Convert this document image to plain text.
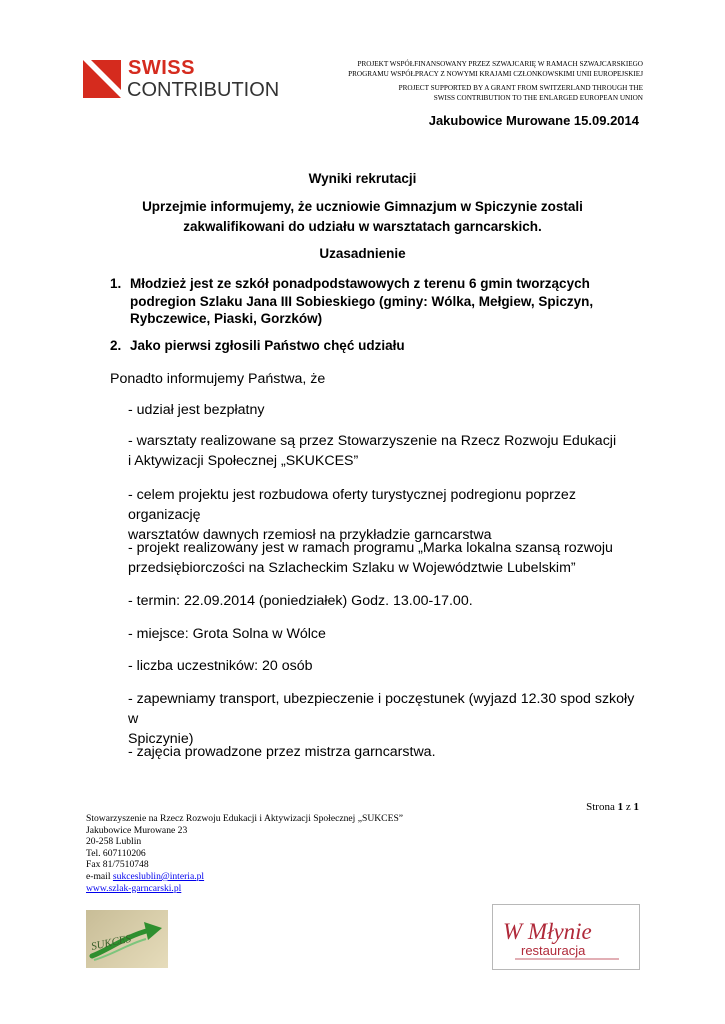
SWISS
CONTRIBUTION
PROJEKT WSPÓŁFINANSOWANY PRZEZ SZWAJCARIĘ W RAMACH SZWAJCARSKIEGO
PROGRAMU WSPÓŁPRACY Z NOWYMI KRAJAMI CZŁONKOWSKIMI UNII EUROPEJSKIEJ
PROJECT SUPPORTED BY A GRANT FROM SWITZERLAND THROUGH THE
SWISS CONTRIBUTION TO THE ENLARGED EUROPEAN UNION
Jakubowice Murowane 15.09.2014
Wyniki rekrutacji
Uprzejmie informujemy, że uczniowie Gimnazjum w Spiczynie zostali
zakwalifikowani do udziału w warsztatach garncarskich.
Uzasadnienie
1. Młodzież jest ze szkół ponadpodstawowych z terenu 6 gmin tworzących
podregion Szlaku Jana III Sobieskiego (gminy: Wólka, Mełgiew, Spiczyn,
Rybczewice, Piaski, Gorzków)
2. Jako pierwsi zgłosili Państwo chęć udziału
Ponadto informujemy Państwa, że
- udział jest bezpłatny
- warsztaty realizowane są przez Stowarzyszenie na Rzecz Rozwoju Edukacji
i Aktywizacji Społecznej „SKUKCES”
- celem projektu jest rozbudowa oferty turystycznej podregionu poprzez organizację
warsztatów dawnych rzemiosł na przykładzie garncarstwa
- projekt realizowany jest w ramach programu „Marka lokalna szansą rozwoju
przedsiębiorczości na Szlacheckim Szlaku w Województwie Lubelskim”
- termin: 22.09.2014 (poniedziałek) Godz. 13.00-17.00.
- miejsce: Grota Solna w Wólce
- liczba uczestników: 20 osób
- zapewniamy transport, ubezpieczenie i poczęstunek (wyjazd 12.30 spod szkoły w
Spiczynie)
- zajęcia prowadzone przez mistrza garncarstwa.
Strona 1 z 1
Stowarzyszenie na Rzecz Rozwoju Edukacji i Aktywizacji Społecznej „SUKCES”
Jakubowice Murowane 23
20-258 Lublin
Tel. 607110206
Fax 81/7510748
e-mail sukceslublin@interia.pl
www.szlak-garncarski.pl
SUKCES	W Młynie
restauracja
